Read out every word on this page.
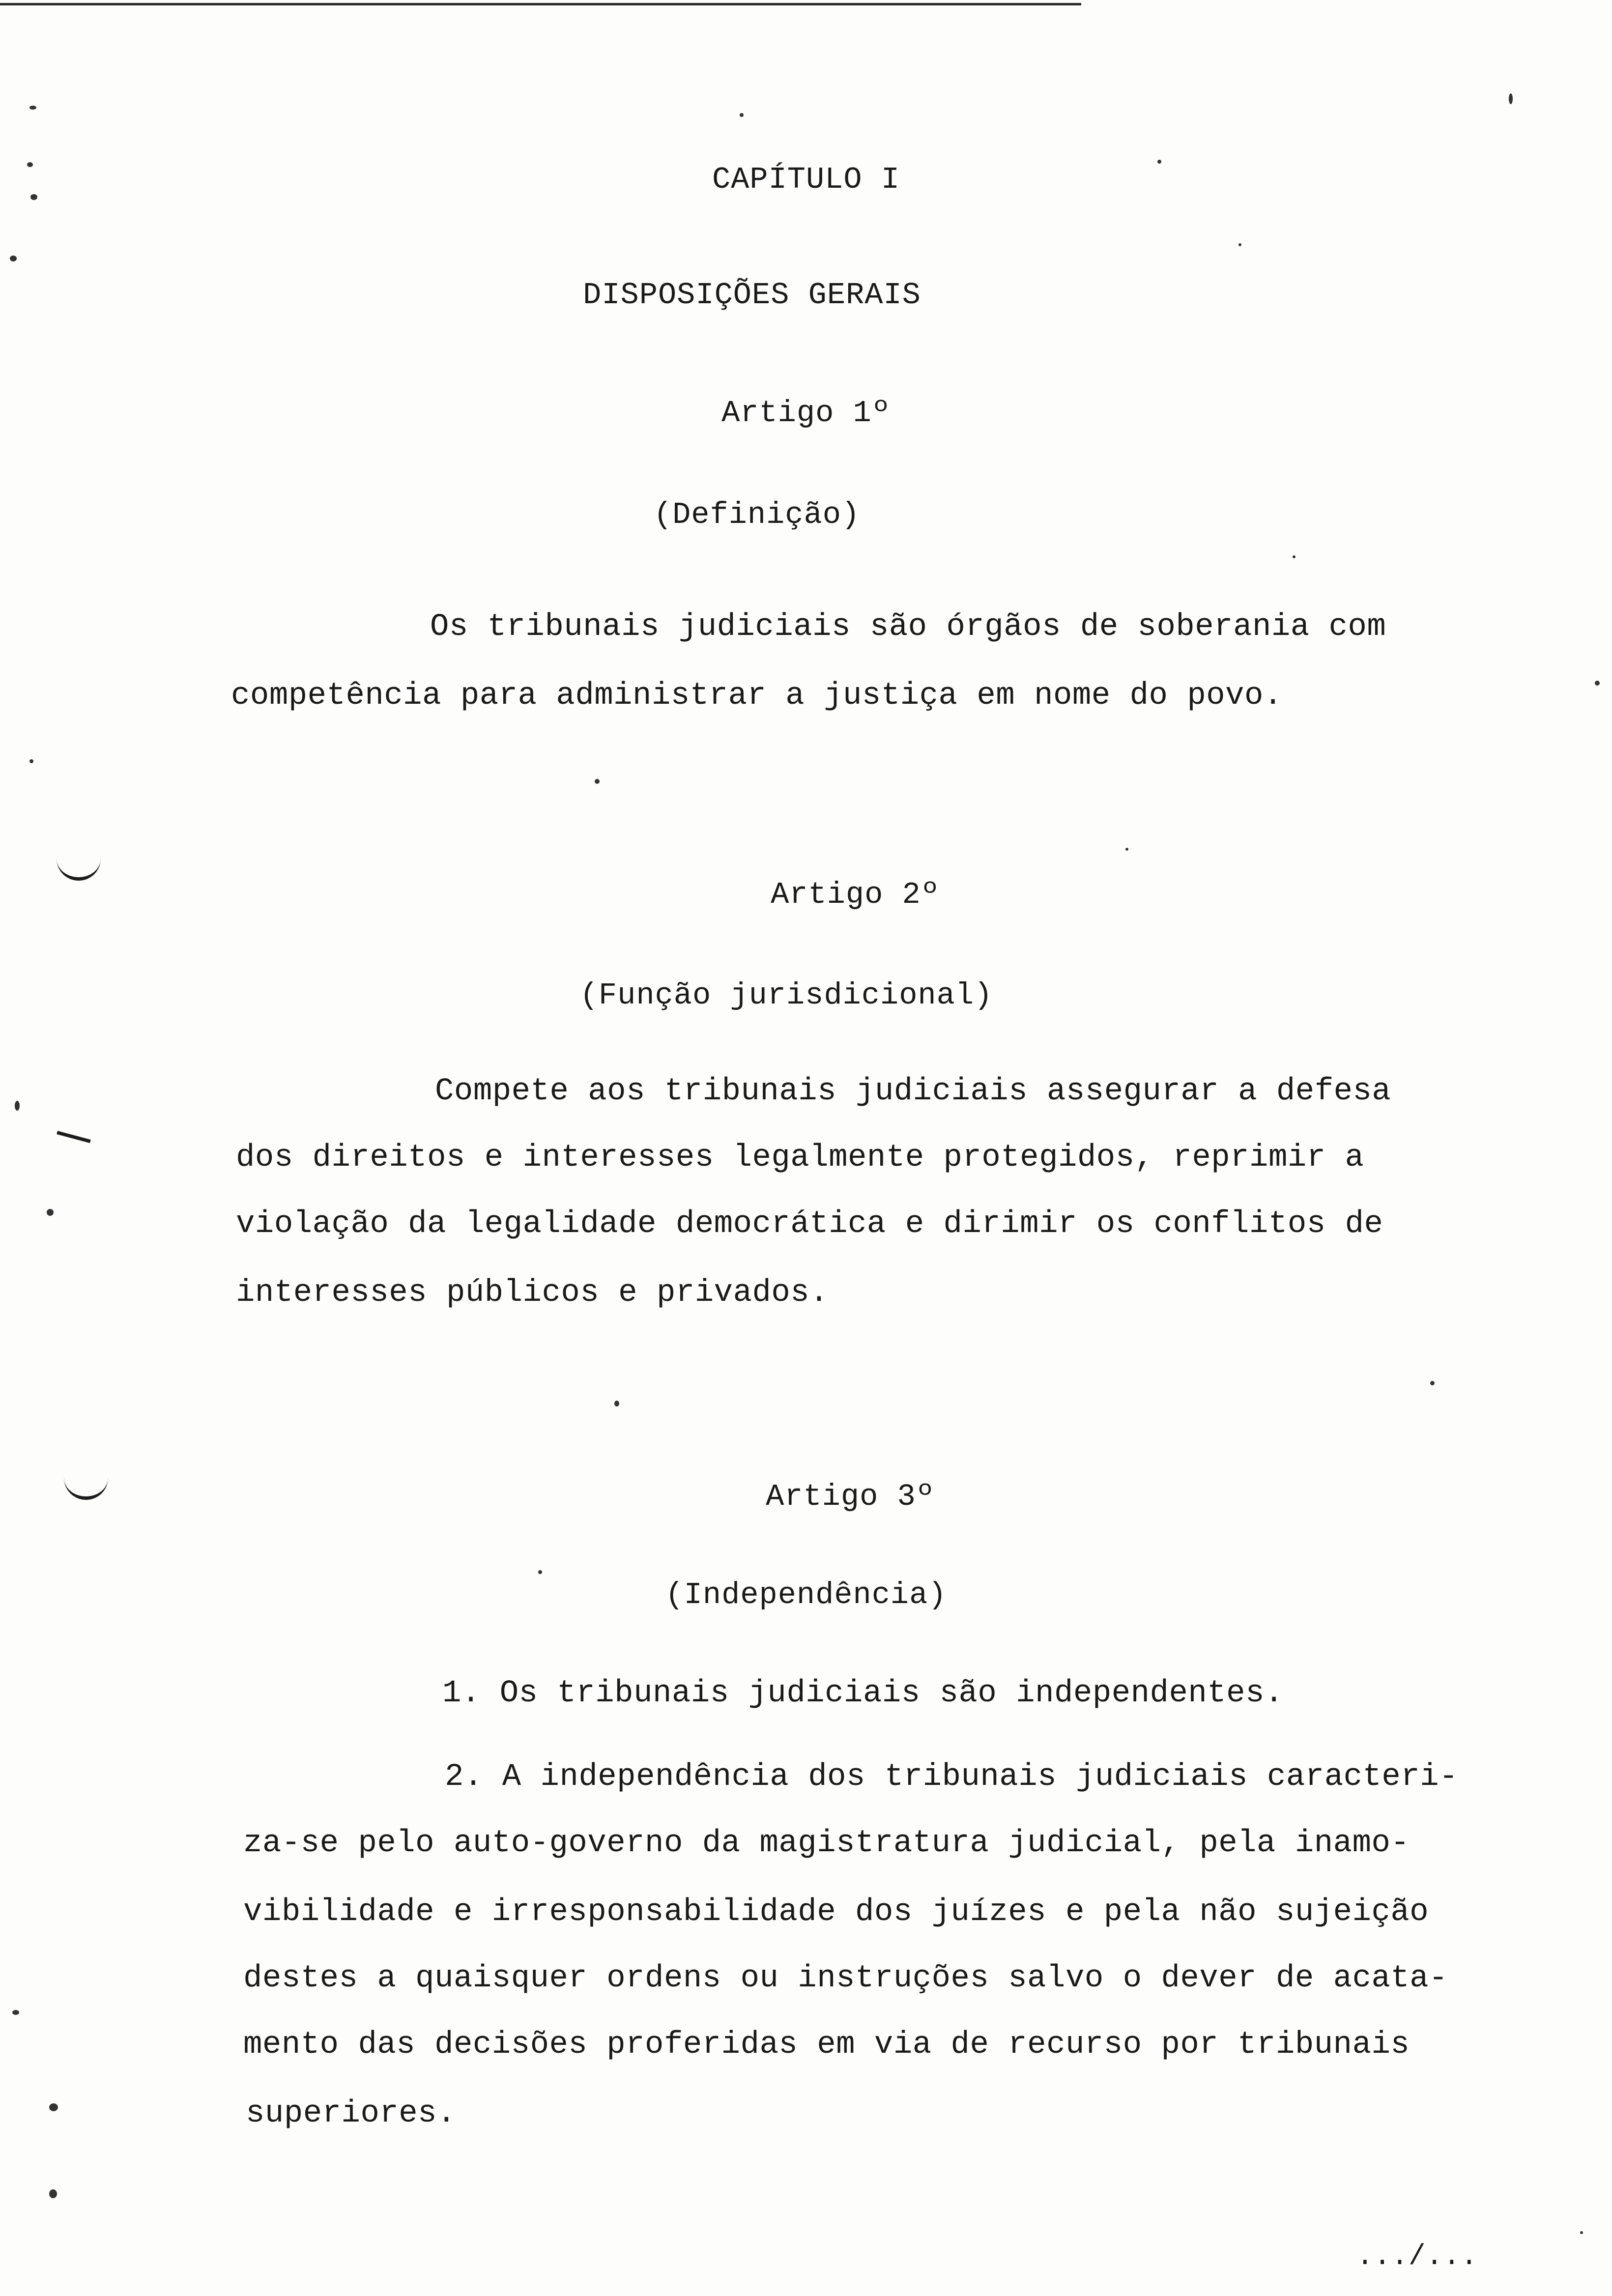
CAPÍTULO I
DISPOSIÇÕES GERAIS
Artigo 1º
(Definição)
Os tribunais judiciais são órgãos de soberania com
competência para administrar a justiça em nome do povo.
Artigo 2º
(Função jurisdicional)
Compete aos tribunais judiciais assegurar a defesa
dos direitos e interesses legalmente protegidos, reprimir a
violação da legalidade democrática e dirimir os conflitos de
interesses públicos e privados.
Artigo 3º
(Independência)
1. Os tribunais judiciais são independentes.
2. A independência dos tribunais judiciais caracteri-
za-se pelo auto-governo da magistratura judicial, pela inamo-
vibilidade e irresponsabilidade dos juízes e pela não sujeição
destes a quaisquer ordens ou instruções salvo o dever de acata-
mento das decisões proferidas em via de recurso por tribunais
superiores.
.../...
